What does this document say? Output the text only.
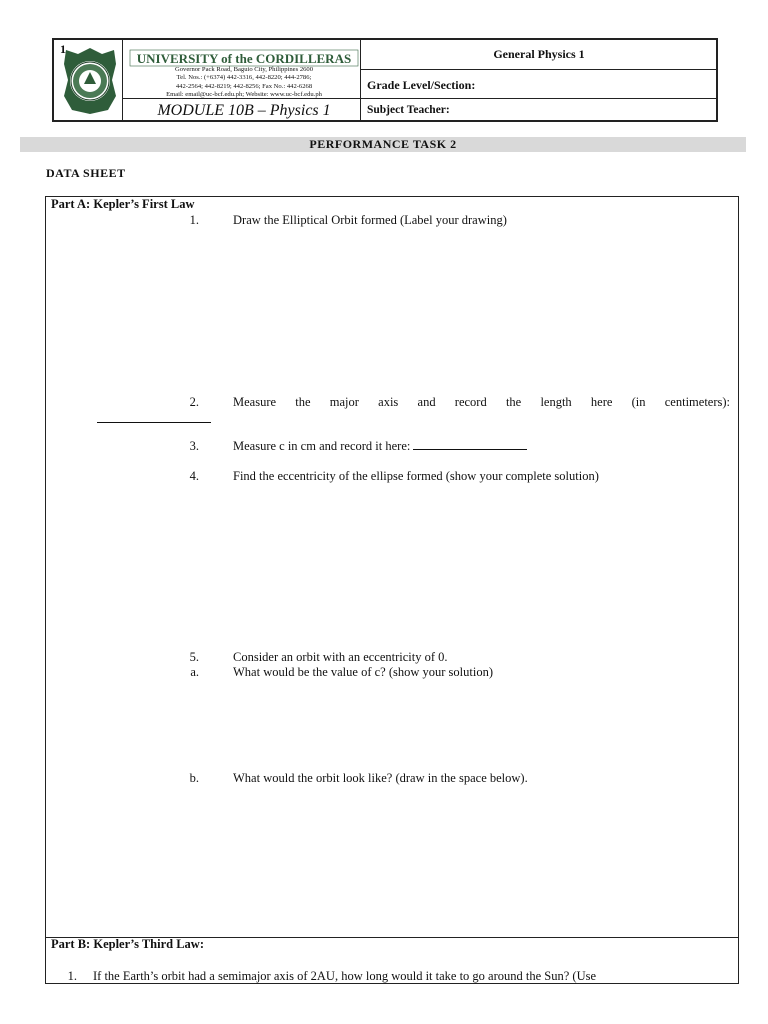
1
UNIVERSITY of the CORDILLERAS
Governor Pack Road, Baguio City, Philippines 2600
Tel. Nos.: (+6374) 442-3316, 442-8220; 444-2786;
442-2564; 442-8219; 442-8256; Fax No.: 442-6268
Email: email@uc-bcf.edu.ph; Website: www.uc-bcf.edu.ph
MODULE 10B – Physics 1
General Physics 1
Grade Level/Section:
Subject Teacher:
PERFORMANCE TASK 2
DATA SHEET
Part A: Kepler’s First Law
1.	Draw the Elliptical Orbit formed (Label your drawing)
2.	Measure the major axis and record the length here (in centimeters):
3.	Measure c in cm and record it here:
4.	Find the eccentricity of the ellipse formed (show your complete solution)
5.	Consider an orbit with an eccentricity of 0.
a.	What would be the value of c? (show your solution)
b.	What would the orbit look like? (draw in the space below).
Part B: Kepler’s Third Law:
1. If the Earth’s orbit had a semimajor axis of 2AU, how long would it take to go around the Sun? (Use
